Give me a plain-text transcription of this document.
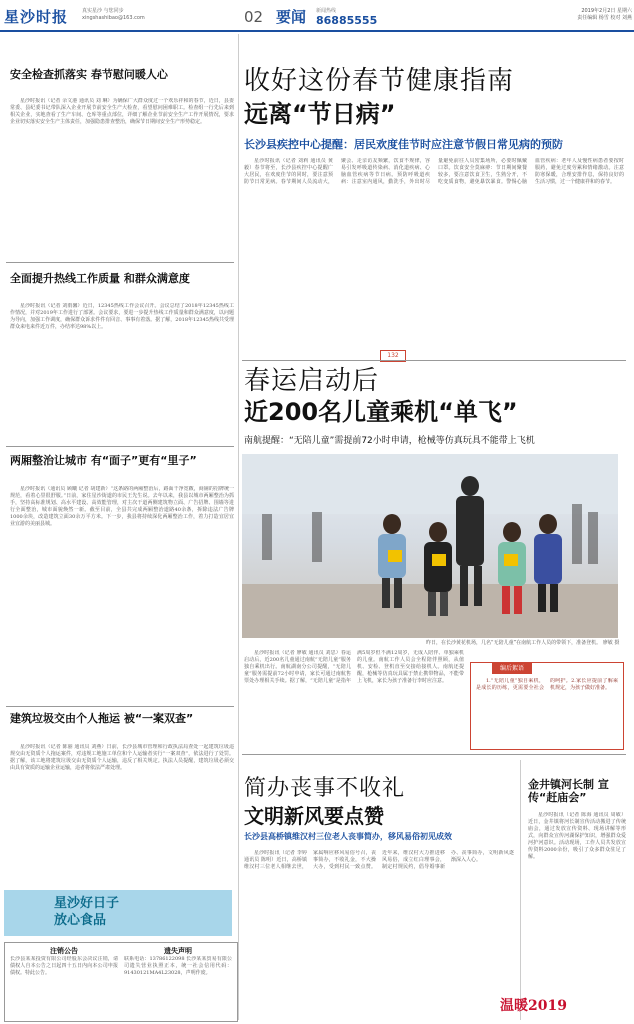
星沙时报	真实星沙 与您同步 xingshashibao@163.com	02 要闻 新闻热线
86885555
2019年2月2日 星期六
责任编辑 杨雪 校对 刘燕
安全检查抓落实 春节慰问暖人心

星沙时报讯（记者 余文港 通讯员 刘 琳）为确保广大群众度过一个欢乐祥和的春节，近日，县委常委、县纪委书记带队深入企业开展节前安全生产大检查，看望慰问困难职工。检查组一行先后来到相关企业，实地查看了生产车间、仓库等重点部位，详细了解企业节前安全生产工作开展情况，要求企业切实落实安全生产主体责任，加强隐患排查整治，确保节日期间安全生产形势稳定。

全面提升热线工作质量 和群众满意度

星沙时报讯（记者 刘雨馨）近日，12345热线工作会议召开。会议总结了2018年12345热线工作情况，并对2019年工作进行了部署。会议要求，要进一步提升热线工作质量和群众满意度，以问题为导向，加强工作调度，确保群众诉求件件有回音、事事有着落。据了解，2018年12345热线共受理群众来电来件近万件，办结率达98%以上。

两厢整治让城市 有“面子”更有“里子”

星沙时报讯（通讯员 顾曦 记者 胡建新）“这条路的两厢整治后，路面干净宽敞，商铺的招牌统一规范，看着心里很舒服。”日前，家住星沙街道的市民王先生说。去年以来，我县以城市两厢整治为抓手，坚持高标准规划、高水平建设、高效能管理，对主次干道两侧建筑物立面、广告招牌、围墙等进行全面整治，城市面貌焕然一新。截至目前，全县共完成两厢整治道路40余条，拆除违法广告牌1000余块，改造建筑立面30余万平方米。下一步，我县将持续深化两厢整治工作，着力打造宜居宜业宜游的美丽县城。

建筑垃圾交由个人拖运 被“一案双查”

星沙时报讯（记者 陈丽 通讯员 刘燕）日前，长沙县城市管理和行政执法局查处一起建筑垃圾违规交由无资质个人拖运案件，对违规工地施工单位和个人运输者实行“一案双查”，依法进行了处罚。据了解，该工地将建筑垃圾交由无资质个人运输，违反了相关规定。执法人员提醒，建筑垃圾必须交由具有资质的运输企业运输，违者将依法严肃处理。

星沙好日子
放心食品
注销公告
长沙县某某投资有限公司经股东会决议注销，请债权人自本公告之日起四十五日内向本公司申报债权。特此公告。
遗失声明
联系电话：13786122098 长沙某某贸易有限公司遗失营业执照正本，统一社会信用代码：91430121MA4L23028，声明作废。
收好这份春节健康指南
远离“节日病”
长沙县疾控中心提醒：居民欢度佳节时应注意节假日常见病的预防

星沙时报讯（记者 刘莉 通讯员 黄毅）春节将至，长沙县疾控中心提醒广大居民，在欢度佳节的同时，要注意预防节日常见病。春节期间人员流动大，聚会、走亲访友频繁，饮食不规律，容易引发呼吸道传染病、消化道疾病、心脑血管疾病等节日病。预防呼吸道疾病：注意室内通风，勤洗手，外出时尽量避免前往人员密集场所，必要时佩戴口罩。饮食安全莫麻痹：节日期间聚餐较多，要注意饮食卫生，生熟分开，不吃变质食物，避免暴饮暴食。警惕心脑血管疾病：老年人及慢性病患者要按时服药，避免过度劳累和情绪激动。注意防寒保暖，合理安排作息，保持良好的生活习惯，过一个健康祥和的春节。

132
春运启动后
近200名儿童乘机“单飞”
南航提醒：“无陪儿童”需提前72小时申请，枪械等仿真玩具不能带上飞机
昨日，在长沙黄花机场，几名“无陪儿童”在南航工作人员的带领下，准备登机。 廖敏 摄

星沙时报讯（记者 廖敏 通讯员 刘思）春运启动后，近200名儿童通过南航“无陪儿童”服务独自乘机出行。南航湖南分公司提醒，“无陪儿童”服务需提前72小时申请，家长可通过南航售票处办理相关手续。据了解，“无陪儿童”是指年满5周岁但不满12周岁，无成人陪伴、单独乘机的儿童。南航工作人员会全程陪伴照顾，从值机、安检、登机直至交接给接机人。南航还提醒，枪械等仿真玩具属于禁止携带物品，不能带上飞机，家长为孩子准备行李时应注意。

编后絮语

1.“无陪儿童”独自乘机，是成长的历练，更需要全社会的呵护。2.家长应提前了解乘机规定，为孩子做好准备。

简办丧事不收礼
文明新风要点赞
长沙县高桥镇维汉村三位老人丧事简办，移风易俗初见成效

星沙时报讯（记者 李婷 通讯员 陈明）近日，高桥镇维汉村三位老人相继去世，家属响应移风易俗号召，丧事简办，不收礼金，不大操大办，受到村民一致点赞。近年来，维汉村大力推进移风易俗，成立红白理事会，制定村规民约，倡导婚事新办、丧事简办，文明新风逐渐深入人心。

金井镇河长制 宣传“赶庙会”

星沙时报讯（记者 陈海 通讯员 周敏）近日，金井镇将河长制宣传活动搬进了传统庙会，通过发放宣传资料、现场讲解等形式，向群众宣传河湖保护知识，增强群众爱河护河意识。活动现场，工作人员共发放宣传资料2000余份，吸引了众多群众驻足了解。

温暖2019
